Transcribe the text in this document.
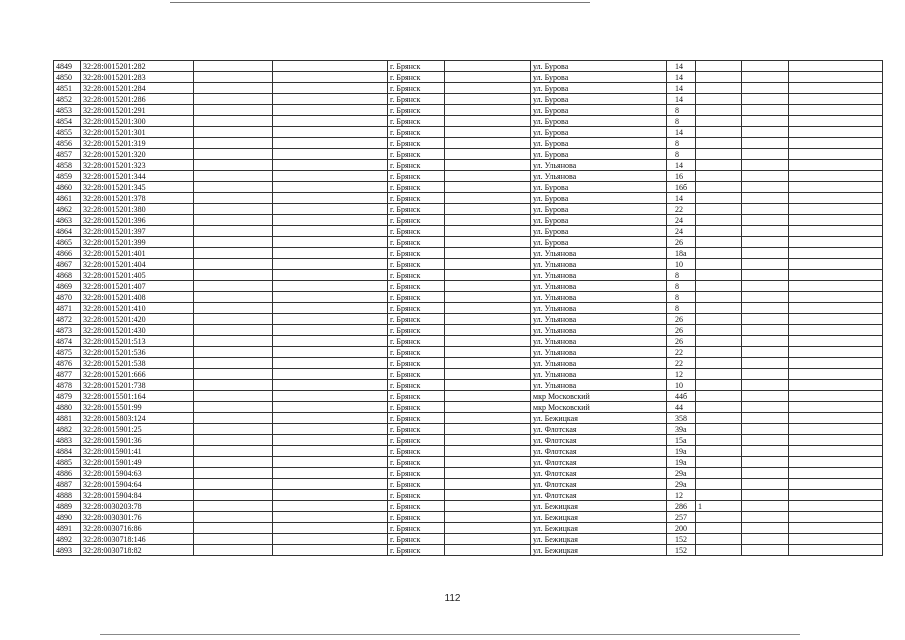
4849	32:28:0015201:282			г. Брянск		ул. Бурова	14			
4850	32:28:0015201:283			г. Брянск		ул. Бурова	14			
4851	32:28:0015201:284			г. Брянск		ул. Бурова	14			
4852	32:28:0015201:286			г. Брянск		ул. Бурова	14			
4853	32:28:0015201:291			г. Брянск		ул. Бурова	8			
4854	32:28:0015201:300			г. Брянск		ул. Бурова	8			
4855	32:28:0015201:301			г. Брянск		ул. Бурова	14			
4856	32:28:0015201:319			г. Брянск		ул. Бурова	8			
4857	32:28:0015201:320			г. Брянск		ул. Бурова	8			
4858	32:28:0015201:323			г. Брянск		ул. Ульянова	14			
4859	32:28:0015201:344			г. Брянск		ул. Ульянова	16			
4860	32:28:0015201:345			г. Брянск		ул. Бурова	16б			
4861	32:28:0015201:378			г. Брянск		ул. Бурова	14			
4862	32:28:0015201:380			г. Брянск		ул. Бурова	22			
4863	32:28:0015201:396			г. Брянск		ул. Бурова	24			
4864	32:28:0015201:397			г. Брянск		ул. Бурова	24			
4865	32:28:0015201:399			г. Брянск		ул. Бурова	26			
4866	32:28:0015201:401			г. Брянск		ул. Ульянова	18а			
4867	32:28:0015201:404			г. Брянск		ул. Ульянова	10			
4868	32:28:0015201:405			г. Брянск		ул. Ульянова	8			
4869	32:28:0015201:407			г. Брянск		ул. Ульянова	8			
4870	32:28:0015201:408			г. Брянск		ул. Ульянова	8			
4871	32:28:0015201:410			г. Брянск		ул. Ульянова	8			
4872	32:28:0015201:420			г. Брянск		ул. Ульянова	26			
4873	32:28:0015201:430			г. Брянск		ул. Ульянова	26			
4874	32:28:0015201:513			г. Брянск		ул. Ульянова	26			
4875	32:28:0015201:536			г. Брянск		ул. Ульянова	22			
4876	32:28:0015201:538			г. Брянск		ул. Ульянова	22			
4877	32:28:0015201:666			г. Брянск		ул. Ульянова	12			
4878	32:28:0015201:738			г. Брянск		ул. Ульянова	10			
4879	32:28:0015501:164			г. Брянск		мкр Московский	44б			
4880	32:28:0015501:99			г. Брянск		мкр Московский	44			
4881	32:28:0015803:124			г. Брянск		ул. Бежицкая	358			
4882	32:28:0015901:25			г. Брянск		ул. Флотская	39а			
4883	32:28:0015901:36			г. Брянск		ул. Флотская	15а			
4884	32:28:0015901:41			г. Брянск		ул. Флотская	19а			
4885	32:28:0015901:49			г. Брянск		ул. Флотская	19а			
4886	32:28:0015904:63			г. Брянск		ул. Флотская	29а			
4887	32:28:0015904:64			г. Брянск		ул. Флотская	29а			
4888	32:28:0015904:84			г. Брянск		ул. Флотская	12			
4889	32:28:0030203:78			г. Брянск		ул. Бежицкая	286	1		
4890	32:28:0030301:76			г. Брянск		ул. Бежицкая	257			
4891	32:28:0030716:86			г. Брянск		ул. Бежицкая	200			
4892	32:28:0030718:146			г. Брянск		ул. Бежицкая	152			
4893	32:28:0030718:82			г. Брянск		ул. Бежицкая	152			
112
